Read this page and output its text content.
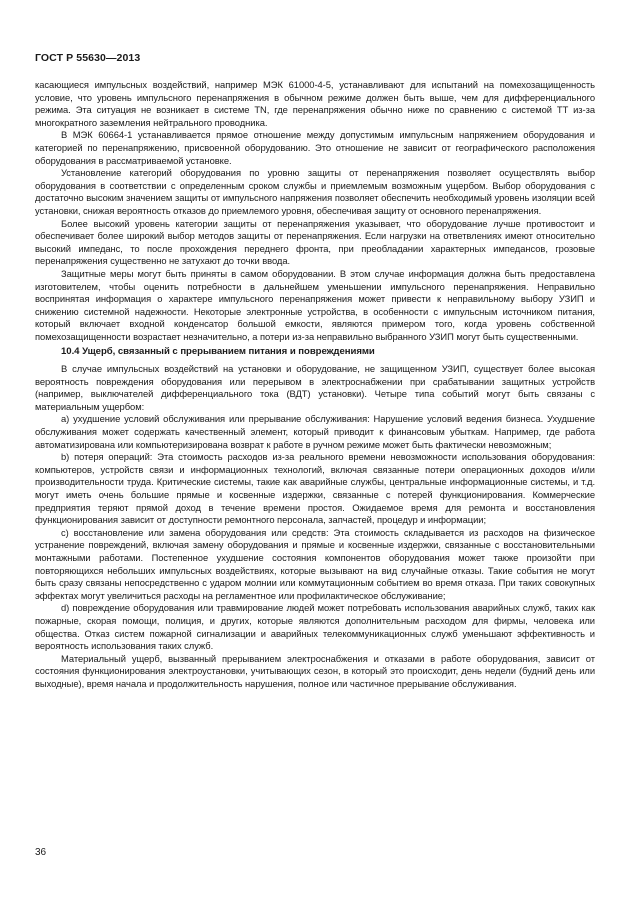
ГОСТ Р 55630—2013

касающиеся импульсных воздействий, например МЭК 61000-4-5, устанавливают для испытаний на помехозащищенность условие, что уровень импульсного перенапряжения в обычном режиме должен быть выше, чем для дифференциального режима. Эта ситуация не возникает в системе TN, где перенапряжения обычно ниже по сравнению с системой TT из-за многократного заземления нейтрального проводника.

В МЭК 60664-1 устанавливается прямое отношение между допустимым импульсным напряжением оборудования и категорией по перенапряжению, присвоенной оборудованию. Это отношение не зависит от географического расположения оборудования в рассматриваемой установке.

Установление категорий оборудования по уровню защиты от перенапряжения позволяет осуществлять выбор оборудования в соответствии с определенным сроком службы и приемлемым возможным ущербом. Выбор оборудования с достаточно высоким значением защиты от импульсного напряжения позволяет обеспечить необходимый уровень изоляции всей установки, снижая вероятность отказов до приемлемого уровня, обеспечивая защиту от основного перенапряжения.

Более высокий уровень категории защиты от перенапряжения указывает, что оборудование лучше противостоит и обеспечивает более широкий выбор методов защиты от перенапряжения. Если нагрузки на ответвлениях имеют относительно высокий импеданс, то после прохождения переднего фронта, при преобладании характерных импедансов, грозовые перенапряжения существенно не затухают до точки ввода.

Защитные меры могут быть приняты в самом оборудовании. В этом случае информация должна быть предоставлена изготовителем, чтобы оценить потребности в дальнейшем уменьшении импульсного перенапряжения. Неправильно воспринятая информация о характере импульсного перенапряжения может привести к неправильному выбору УЗИП и снижению системной надежности. Некоторые электронные устройства, в особенности с импульсным источником питания, который включает входной конденсатор большой емкости, являются примером того, когда уровень собственной помехозащищенности возрастает незначительно, а потери из-за неправильно выбранного УЗИП могут быть существенными.

10.4 Ущерб, связанный с прерыванием питания и повреждениями

В случае импульсных воздействий на установки и оборудование, не защищенном УЗИП, существует более высокая вероятность повреждения оборудования или перерывом в электроснабжении при срабатывании защитных устройств (например, выключателей дифференциального тока (ВДТ) установки). Четыре типа событий могут быть связаны с материальным ущербом:

а) ухудшение условий обслуживания или прерывание обслуживания: Нарушение условий ведения бизнеса. Ухудшение обслуживания может содержать качественный элемент, который приводит к финансовым убыткам. Например, где работа автоматизирована или компьютеризирована возврат к работе в ручном режиме может быть фактически невозможным;

b) потеря операций: Эта стоимость расходов из-за реального времени невозможности использования оборудования: компьютеров, устройств связи и информационных технологий, включая связанные потери операционных доходов и/или производительности труда. Критические системы, такие как аварийные службы, центральные информационные системы, и т.д. могут иметь очень большие прямые и косвенные издержки, связанные с потерей функционирования. Коммерческие предприятия теряют прямой доход в течение времени простоя. Ожидаемое время для ремонта и восстановления функционирования зависит от доступности ремонтного персонала, запчастей, процедур и информации;

с) восстановление или замена оборудования или средств: Эта стоимость складывается из расходов на физическое устранение повреждений, включая замену оборудования и прямые и косвенные издержки, связанные с восстановительными монтажными работами. Постепенное ухудшение состояния компонентов оборудования может также произойти при повторяющихся небольших импульсных воздействиях, которые вызывают на вид случайные отказы. Такие события не могут быть сразу связаны непосредственно с ударом молнии или коммутационным событием во время отказа. При таких совокупных эффектах могут увеличиться расходы на регламентное или профилактическое обслуживание;

d) повреждение оборудования или травмирование людей может потребовать использования аварийных служб, таких как пожарные, скорая помощи, полиция, и других, которые являются дополнительным расходом для фирмы, человека или общества. Отказ систем пожарной сигнализации и аварийных телекоммуникационных служб уменьшают эффективность и вероятность использования таких служб.

Материальный ущерб, вызванный прерыванием электроснабжения и отказами в работе оборудования, зависит от состояния функционирования электроустановки, учитывающих сезон, в который это происходит, день недели (будний день или выходные), время начала и продолжительность нарушения, полное или частичное прерывание обслуживания.

36
